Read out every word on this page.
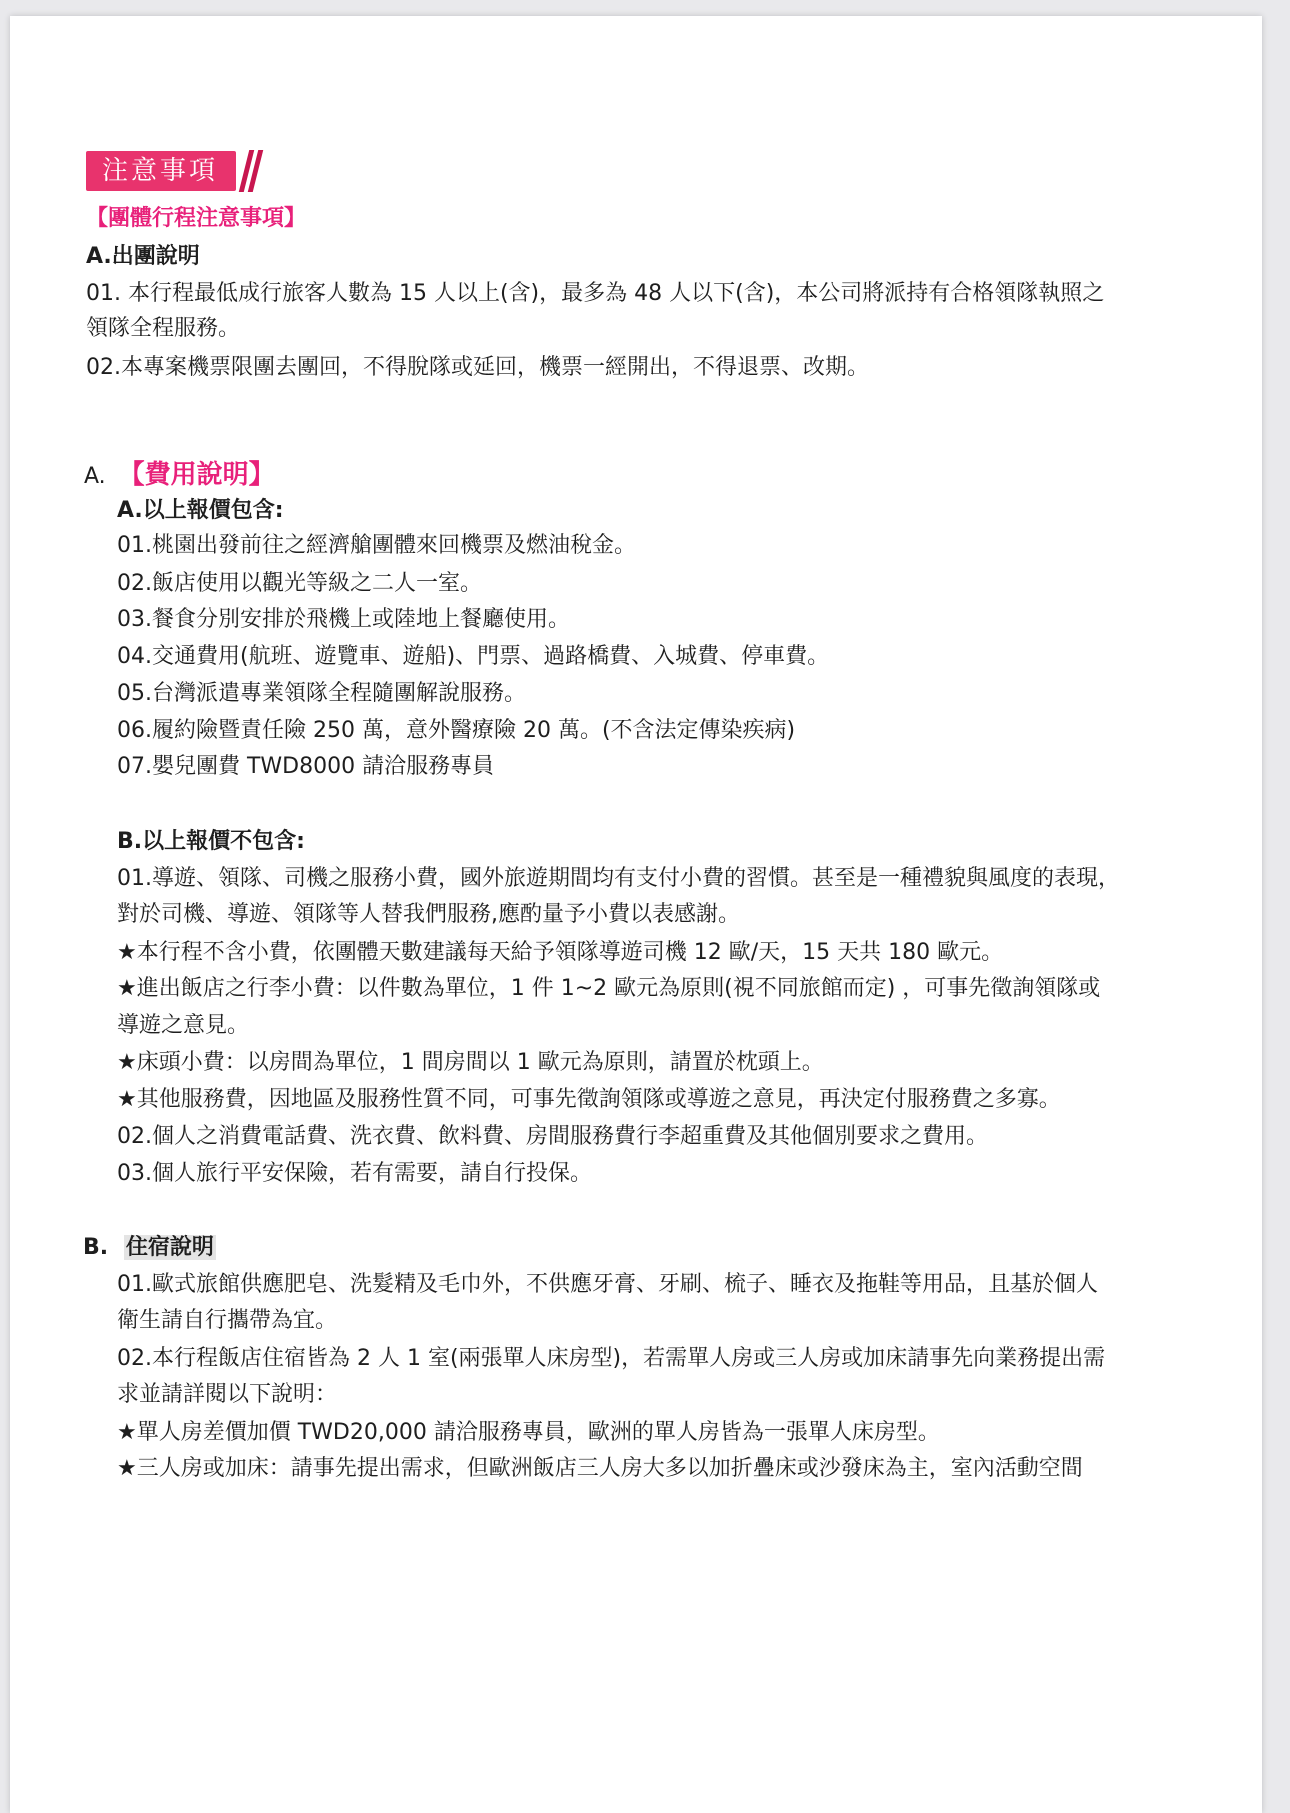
注意事項
【團體行程注意事項】
A.出團說明
01. 本行程最低成行旅客人數為 15 人以上(含)，最多為 48 人以下(含)，本公司將派持有合格領隊執照之
領隊全程服務。
02.本專案機票限團去團回，不得脫隊或延回，機票一經開出，不得退票、改期。
A. 【費用說明】
A.以上報價包含:
01.桃園出發前往之經濟艙團體來回機票及燃油稅金。
02.飯店使用以觀光等級之二人一室。
03.餐食分別安排於飛機上或陸地上餐廳使用。
04.交通費用(航班、遊覽車、遊船)、門票、過路橋費、入城費、停車費。
05.台灣派遣專業領隊全程隨團解說服務。
06.履約險暨責任險 250 萬，意外醫療險 20 萬。(不含法定傳染疾病)
07.嬰兒團費 TWD8000 請洽服務專員
B.以上報價不包含:
01.導遊、領隊、司機之服務小費，國外旅遊期間均有支付小費的習慣。甚至是一種禮貌與風度的表現，
對於司機、導遊、領隊等人替我們服務,應酌量予小費以表感謝。
★本行程不含小費，依團體天數建議每天給予領隊導遊司機 12 歐/天，15 天共 180 歐元。
★進出飯店之行李小費：以件數為單位，1 件 1~2 歐元為原則(視不同旅館而定) ，可事先徵詢領隊或
導遊之意見。
★床頭小費：以房間為單位，1 間房間以 1 歐元為原則，請置於枕頭上。
★其他服務費，因地區及服務性質不同，可事先徵詢領隊或導遊之意見，再決定付服務費之多寡。
02.個人之消費電話費、洗衣費、飲料費、房間服務費行李超重費及其他個別要求之費用。
03.個人旅行平安保險，若有需要，請自行投保。
B. 住宿說明
01.歐式旅館供應肥皂、洗髮精及毛巾外，不供應牙膏、牙刷、梳子、睡衣及拖鞋等用品，且基於個人
衛生請自行攜帶為宜。
02.本行程飯店住宿皆為 2 人 1 室(兩張單人床房型)，若需單人房或三人房或加床請事先向業務提出需
求並請詳閱以下說明：
★單人房差價加價 TWD20,000 請洽服務專員，歐洲的單人房皆為一張單人床房型。
★三人房或加床：請事先提出需求，但歐洲飯店三人房大多以加折疊床或沙發床為主，室內活動空間
